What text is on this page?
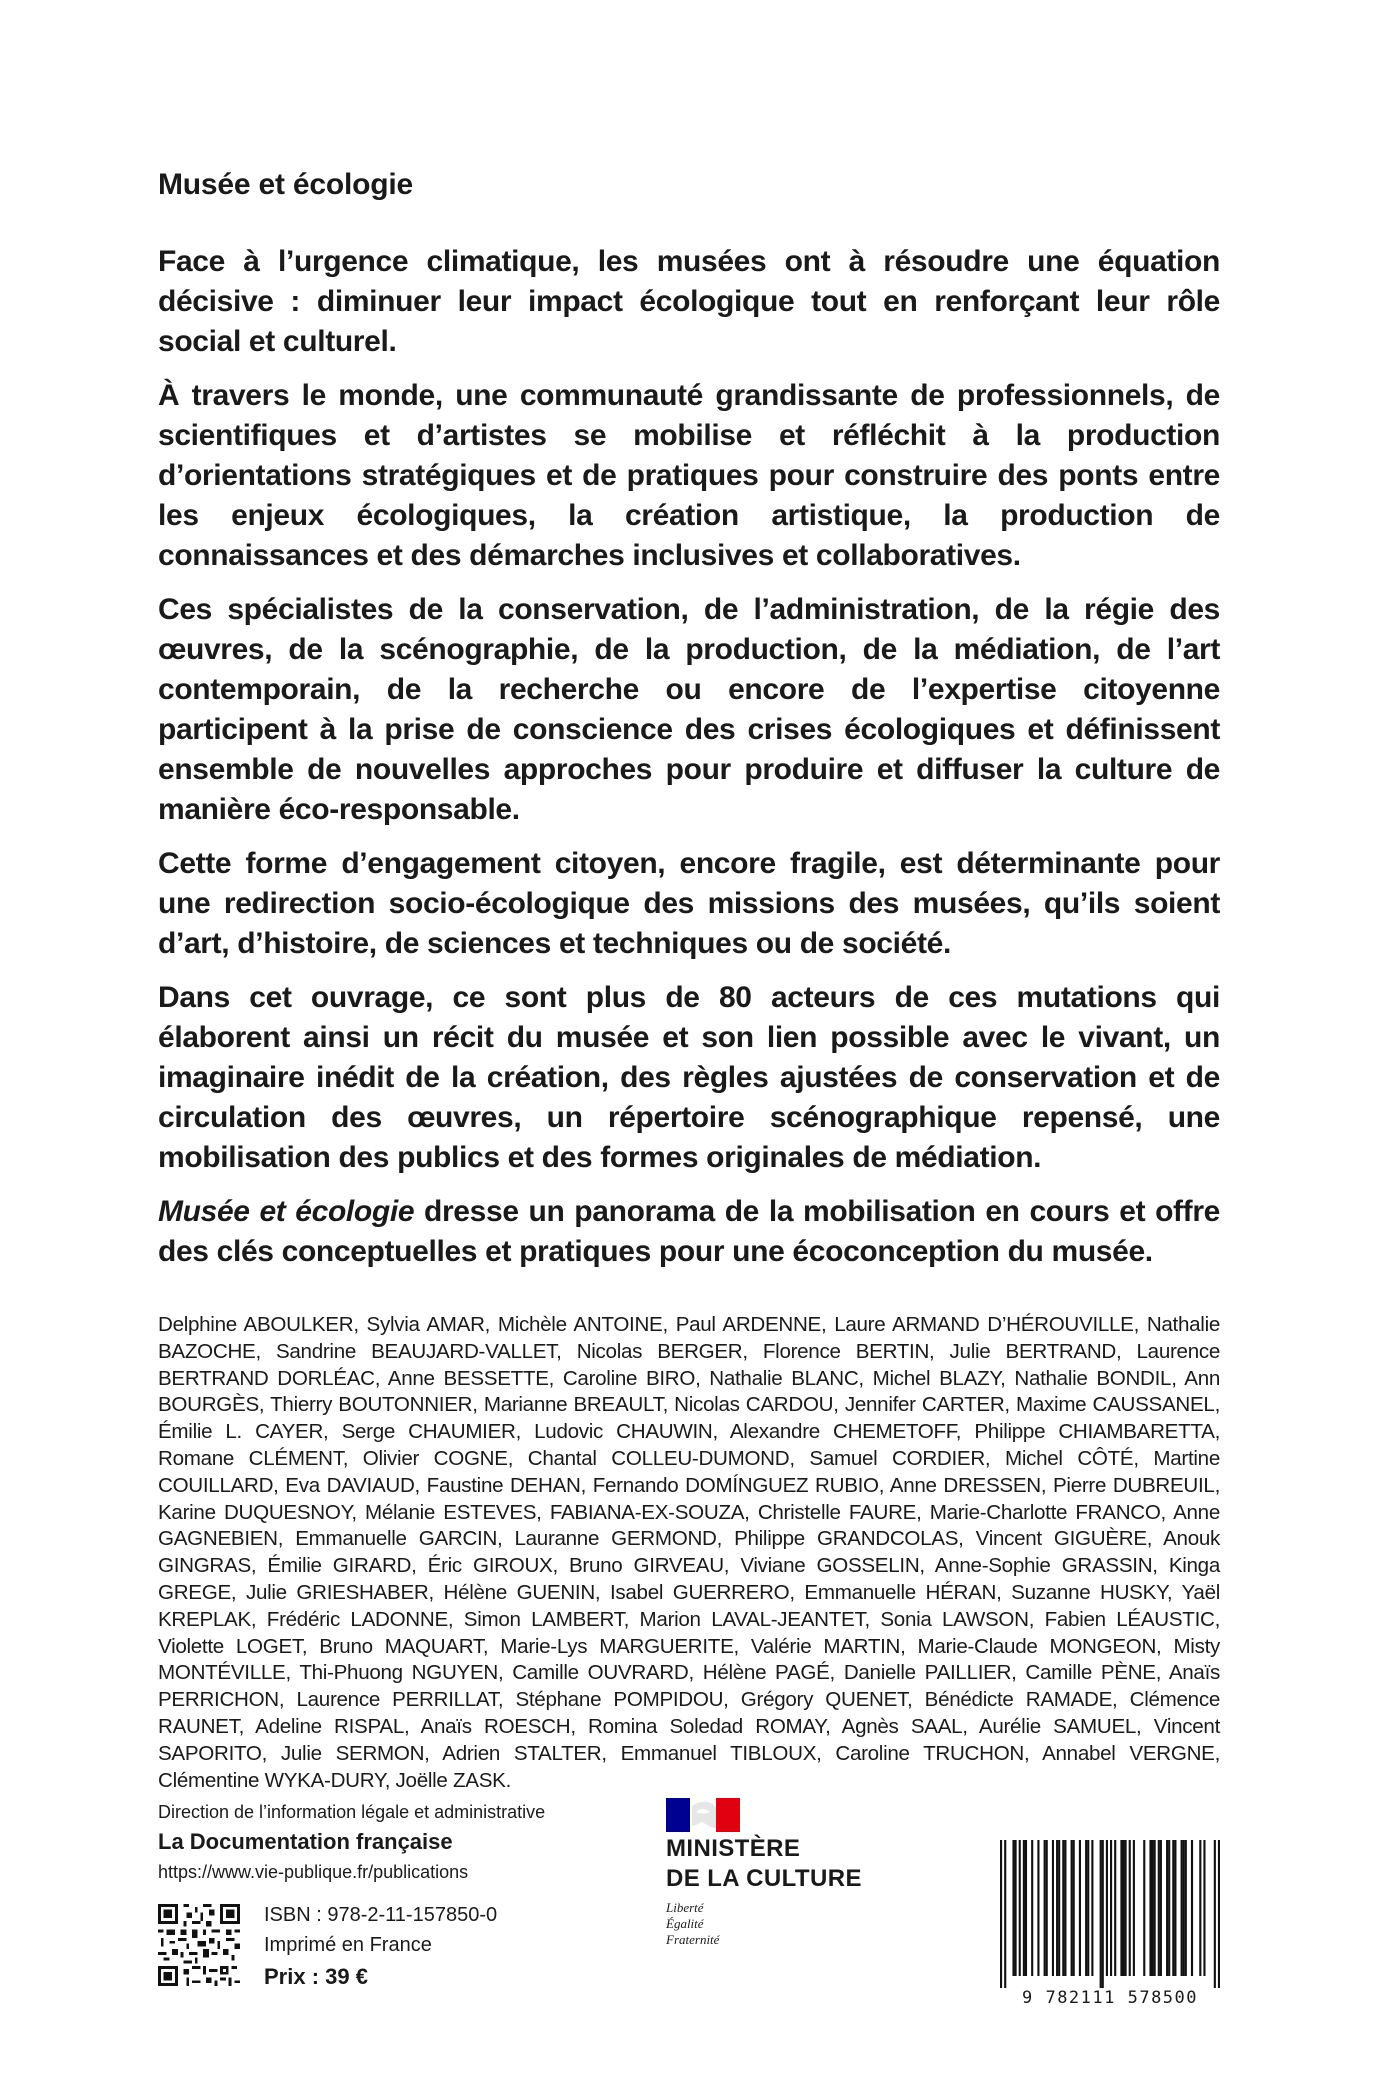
Musée et écologie

Face à l’urgence climatique, les musées ont à résoudre une équation décisive : diminuer leur impact écologique tout en renforçant leur rôle social et culturel.

À travers le monde, une communauté grandissante de professionnels, de scientifiques et d’artistes se mobilise et réfléchit à la production d’orientations stratégiques et de pratiques pour construire des ponts entre les enjeux écologiques, la création artistique, la production de connaissances et des démarches inclusives et collaboratives.

Ces spécialistes de la conservation, de l’administration, de la régie des œuvres, de la scénographie, de la production, de la médiation, de l’art contemporain, de la recherche ou encore de l’expertise citoyenne participent à la prise de conscience des crises écologiques et définissent ensemble de nouvelles approches pour produire et diffuser la culture de manière éco-responsable.

Cette forme d’engagement citoyen, encore fragile, est déterminante pour une redirection socio-écologique des missions des musées, qu’ils soient d’art, d’histoire, de sciences et techniques ou de société.

Dans cet ouvrage, ce sont plus de 80 acteurs de ces mutations qui élaborent ainsi un récit du musée et son lien possible avec le vivant, un imaginaire inédit de la création, des règles ajustées de conservation et de circulation des œuvres, un répertoire scénographique repensé, une mobilisation des publics et des formes originales de médiation.

Musée et écologie dresse un panorama de la mobilisation en cours et offre des clés conceptuelles et pratiques pour une écoconception du musée.

Delphine ABOULKER, Sylvia AMAR, Michèle ANTOINE, Paul ARDENNE, Laure ARMAND D’HÉROUVILLE, Nathalie BAZOCHE, Sandrine BEAUJARD-VALLET, Nicolas BERGER, Florence BERTIN, Julie BERTRAND, Laurence BERTRAND DORLÉAC, Anne BESSETTE, Caroline BIRO, Nathalie BLANC, Michel BLAZY, Nathalie BONDIL, Ann BOURGÈS, Thierry BOUTONNIER, Marianne BREAULT, Nicolas CARDOU, Jennifer CARTER, Maxime CAUSSANEL, Émilie L. CAYER, Serge CHAUMIER, Ludovic CHAUWIN, Alexandre CHEMETOFF, Philippe CHIAMBARETTA, Romane CLÉMENT, Olivier COGNE, Chantal COLLEU-DUMOND, Samuel CORDIER, Michel CÔTÉ, Martine COUILLARD, Eva DAVIAUD, Faustine DEHAN, Fernando DOMÍNGUEZ RUBIO, Anne DRESSEN, Pierre DUBREUIL, Karine DUQUESNOY, Mélanie ESTEVES, FABIANA-EX-SOUZA, Christelle FAURE, Marie-Charlotte FRANCO, Anne GAGNEBIEN, Emmanuelle GARCIN, Lauranne GERMOND, Philippe GRANDCOLAS, Vincent GIGUÈRE, Anouk GINGRAS, Émilie GIRARD, Éric GIROUX, Bruno GIRVEAU, Viviane GOSSELIN, Anne-Sophie GRASSIN, Kinga GREGE, Julie GRIESHABER, Hélène GUENIN, Isabel GUERRERO, Emmanuelle HÉRAN, Suzanne HUSKY, Yaël KREPLAK, Frédéric LADONNE, Simon LAMBERT, Marion LAVAL-JEANTET, Sonia LAWSON, Fabien LÉAUSTIC, Violette LOGET, Bruno MAQUART, Marie-Lys MARGUERITE, Valérie MARTIN, Marie-Claude MONGEON, Misty MONTÉVILLE, Thi-Phuong NGUYEN, Camille OUVRARD, Hélène PAGÉ, Danielle PAILLIER, Camille PÈNE, Anaïs PERRICHON, Laurence PERRILLAT, Stéphane POMPIDOU, Grégory QUENET, Bénédicte RAMADE, Clémence RAUNET, Adeline RISPAL, Anaïs ROESCH, Romina Soledad ROMAY, Agnès SAAL, Aurélie SAMUEL, Vincent SAPORITO, Julie SERMON, Adrien STALTER, Emmanuel TIBLOUX, Caroline TRUCHON, Annabel VERGNE, Clémentine WYKA-DURY, Joëlle ZASK.
Direction de l’information légale et administrative
La Documentation française
https://www.vie-publique.fr/publications
ISBN : 978-2-11-157850-0
Imprimé en France
Prix : 39 €
MINISTÈRE
DE LA CULTURE
Liberté
Égalité
Fraternité
9 782111 578500
